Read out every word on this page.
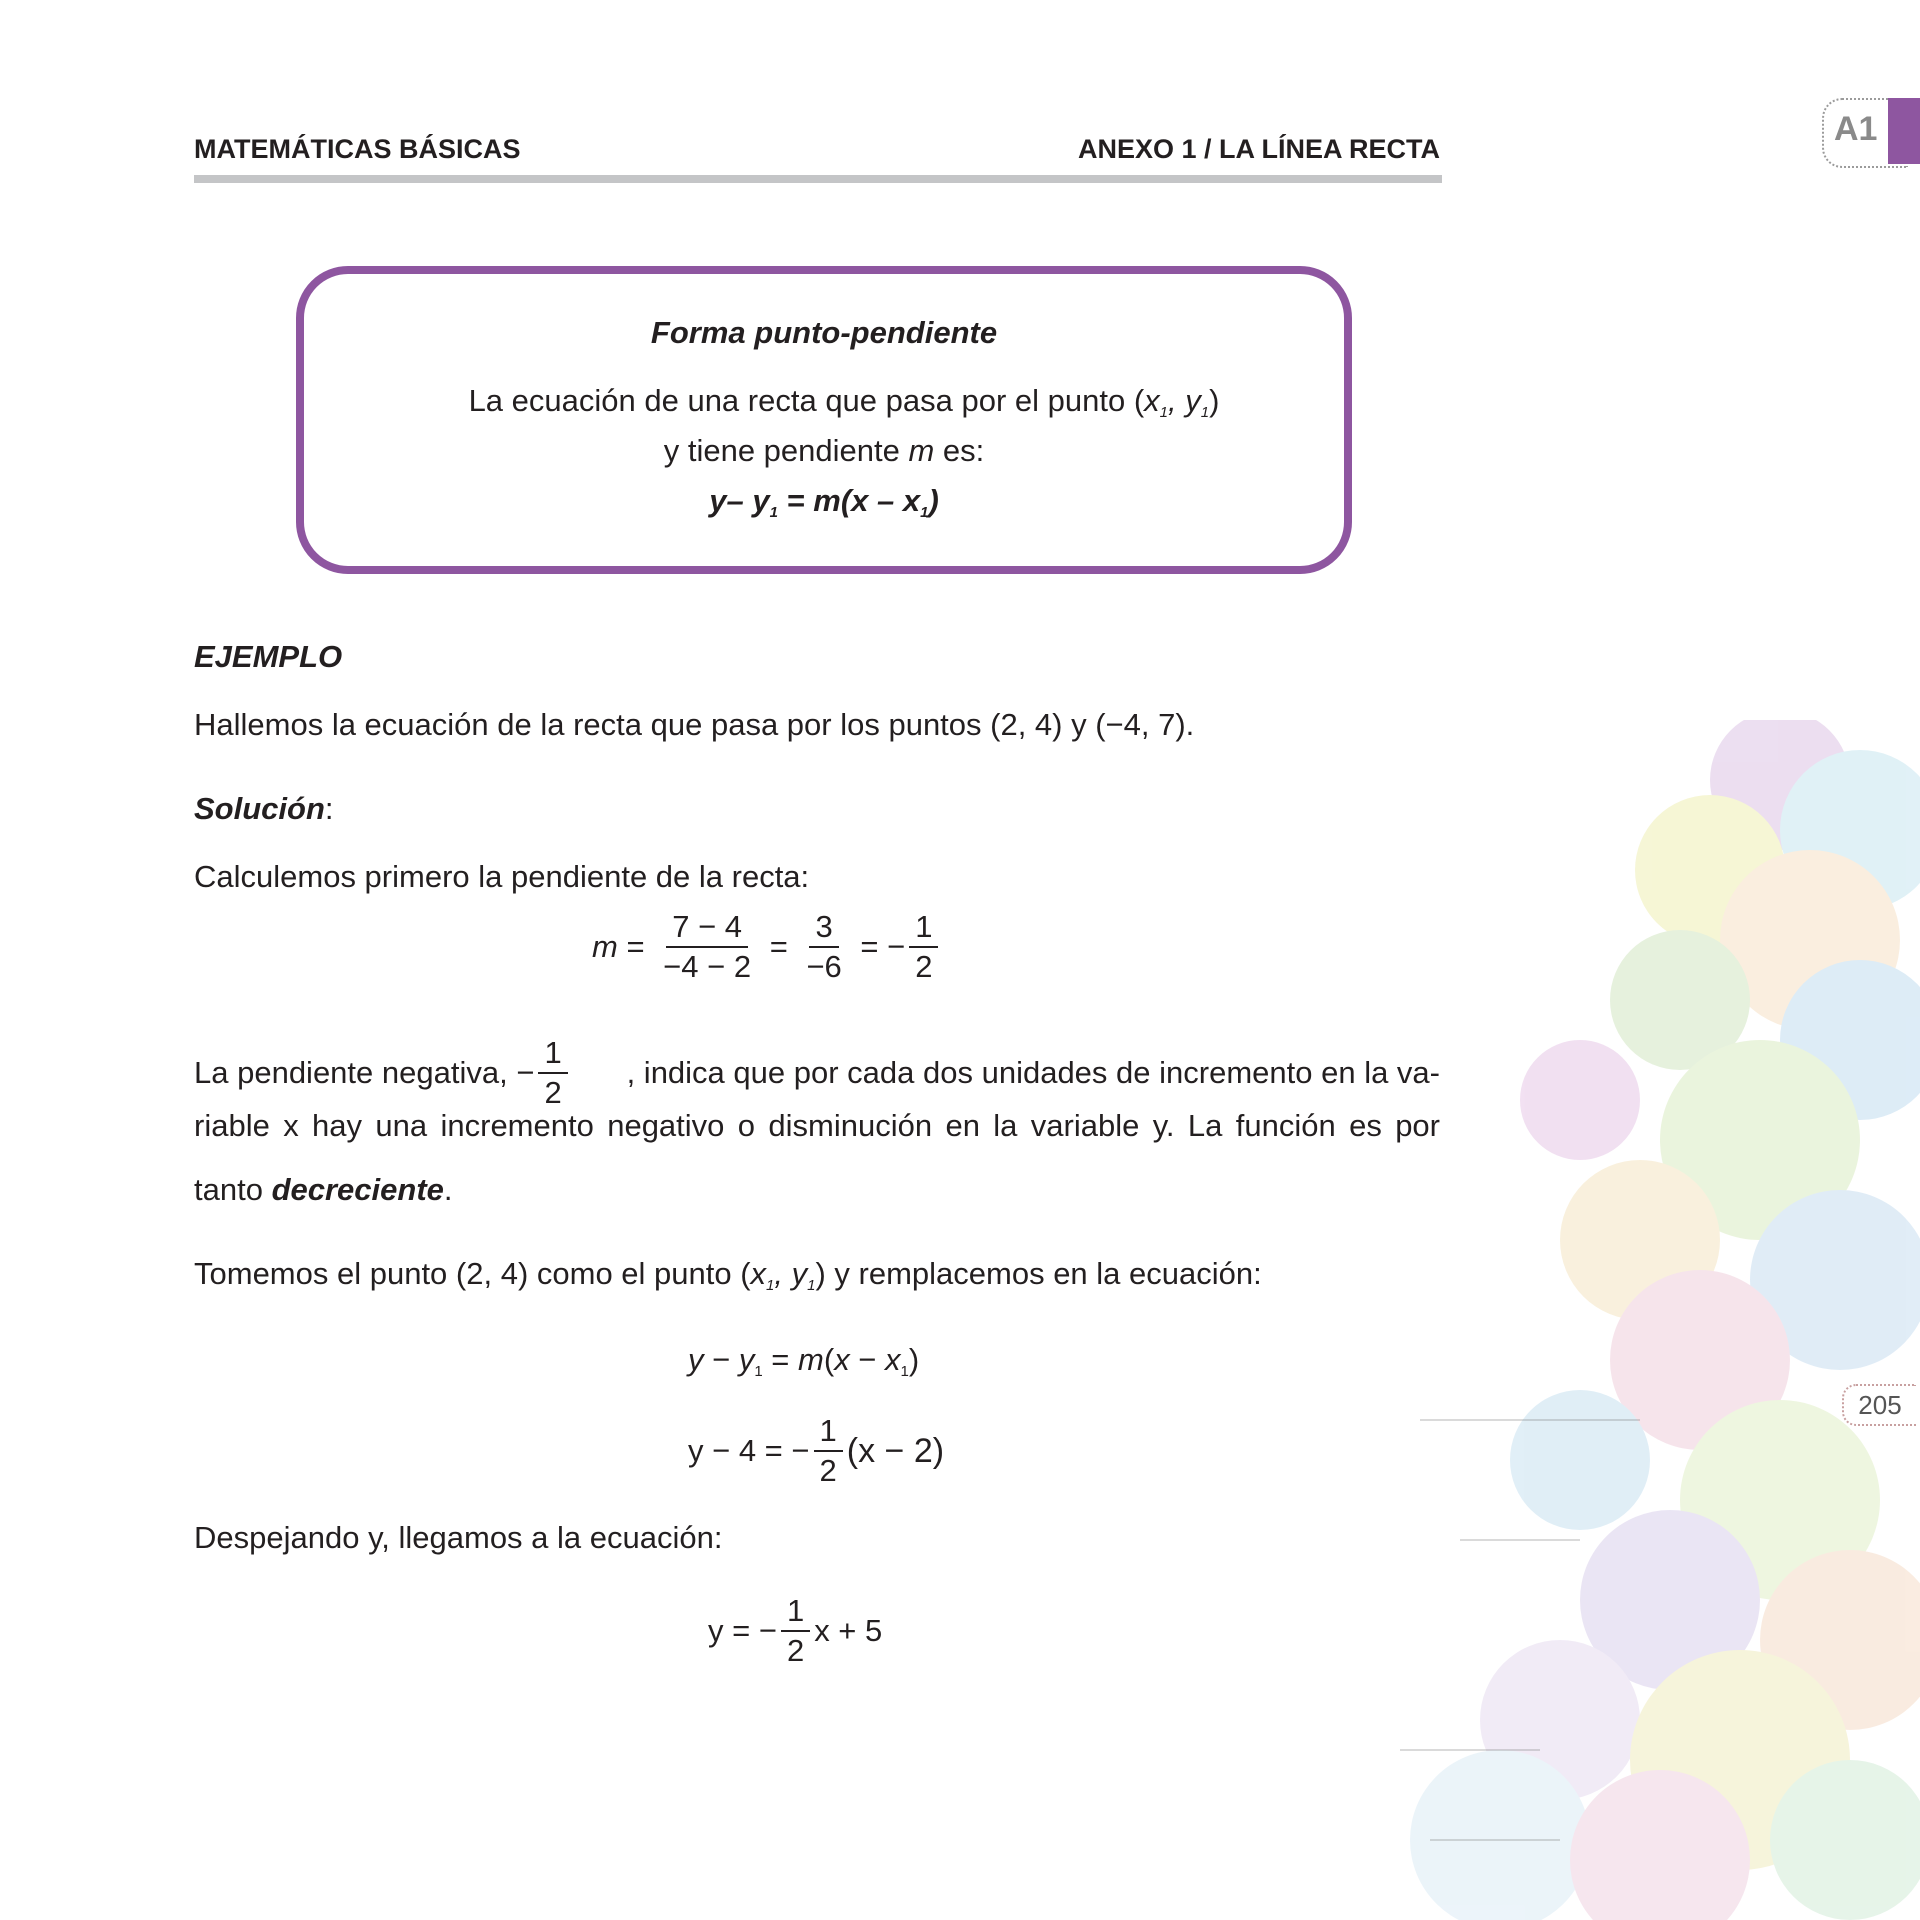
MATEMÁTICAS BÁSICAS	ANEXO 1 / LA LÍNEA RECTA
A1
Forma punto-pendiente
La ecuación de una recta que pasa por el punto ($x_1$, $y_1$)
y tiene pendiente m es:
y– $y_1 = m(x - x_1)$
EJEMPLO
Hallemos la ecuación de la recta que pasa por los puntos (2, 4) y (−4, 7).
Solución:
Calculemos primero la pendiente de la recta:
$m = \frac{7 - 4}{-4 - 2} = \frac{3}{-6}$ = − $\frac{1}{2}$
La pendiente negativa, − $\frac{1}{2}$ , indica que por cada dos unidades de incremento en la va-
riable x hay una incremento negativo o disminución en la variable y. La función es por
tanto decreciente.
Tomemos el punto (2, 4) como el punto ($x_1$, $y_1$) y remplacemos en la ecuación:
$y - y_1 = m(x - x_1)$
y − 4 = − $\frac{1}{2} (x - 2)$
Despejando y, llegamos a la ecuación:
y = − $\frac{1}{2}$ x + 5
205
